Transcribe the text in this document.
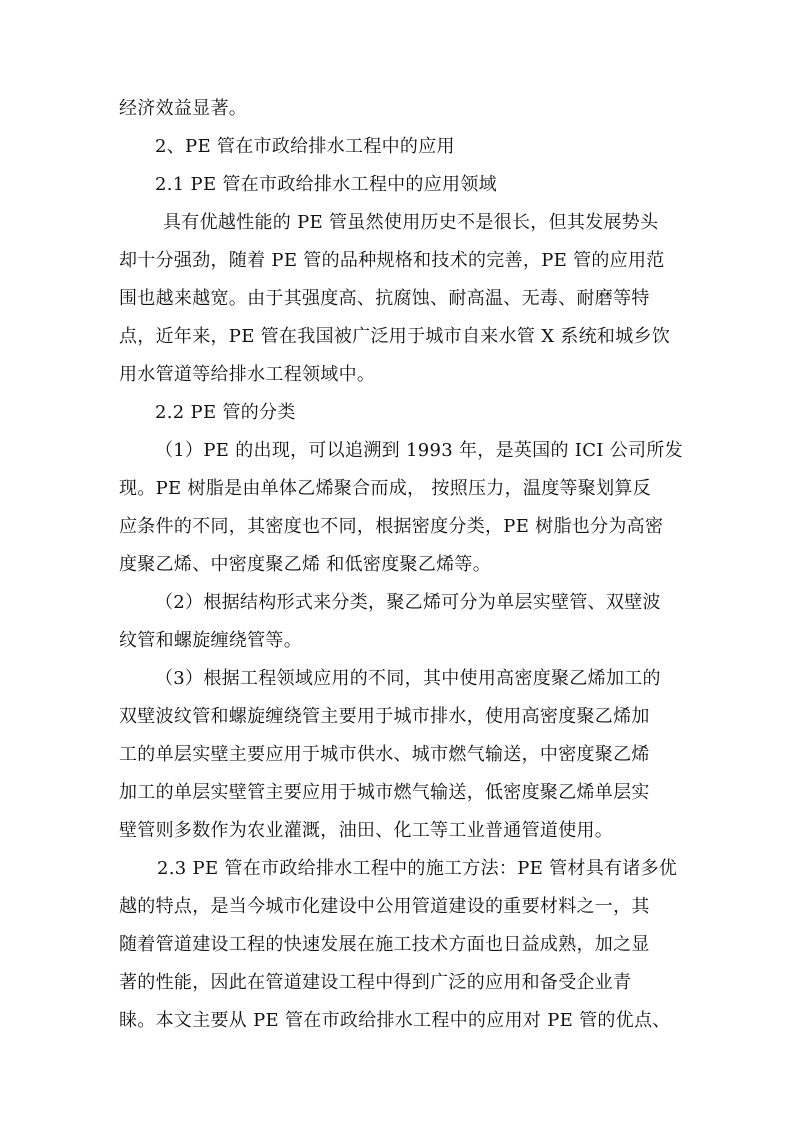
经济效益显著。
2、PE 管在市政给排水工程中的应用
2.1 PE 管在市政给排水工程中的应用领域
具有优越性能的 PE 管虽然使用历史不是很长，但其发展势头
却十分强劲，随着 PE 管的品种规格和技术的完善，PE 管的应用范
围也越来越宽。由于其强度高、抗腐蚀、耐高温、无毒、耐磨等特
点，近年来，PE 管在我国被广泛用于城市自来水管 X 系统和城乡饮
用水管道等给排水工程领域中。
2.2 PE 管的分类
（1）PE 的出现，可以追溯到 1993 年，是英国的 ICI 公司所发
现。PE 树脂是由单体乙烯聚合而成， 按照压力，温度等聚划算反
应条件的不同，其密度也不同，根据密度分类，PE 树脂也分为高密
度聚乙烯、中密度聚乙烯 和低密度聚乙烯等。
（2）根据结构形式来分类，聚乙烯可分为单层实壁管、双壁波
纹管和螺旋缠绕管等。
（3）根据工程领域应用的不同，其中使用高密度聚乙烯加工的
双壁波纹管和螺旋缠绕管主要用于城市排水，使用高密度聚乙烯加
工的单层实壁主要应用于城市供水、城市燃气输送，中密度聚乙烯
加工的单层实壁管主要应用于城市燃气输送，低密度聚乙烯单层实
壁管则多数作为农业灌溉，油田、化工等工业普通管道使用。
2.3 PE 管在市政给排水工程中的施工方法：PE 管材具有诸多优
越的特点，是当今城市化建设中公用管道建设的重要材料之一，其
随着管道建设工程的快速发展在施工技术方面也日益成熟，加之显
著的性能，因此在管道建设工程中得到广泛的应用和备受企业青
睐。本文主要从 PE 管在市政给排水工程中的应用对 PE 管的优点、
